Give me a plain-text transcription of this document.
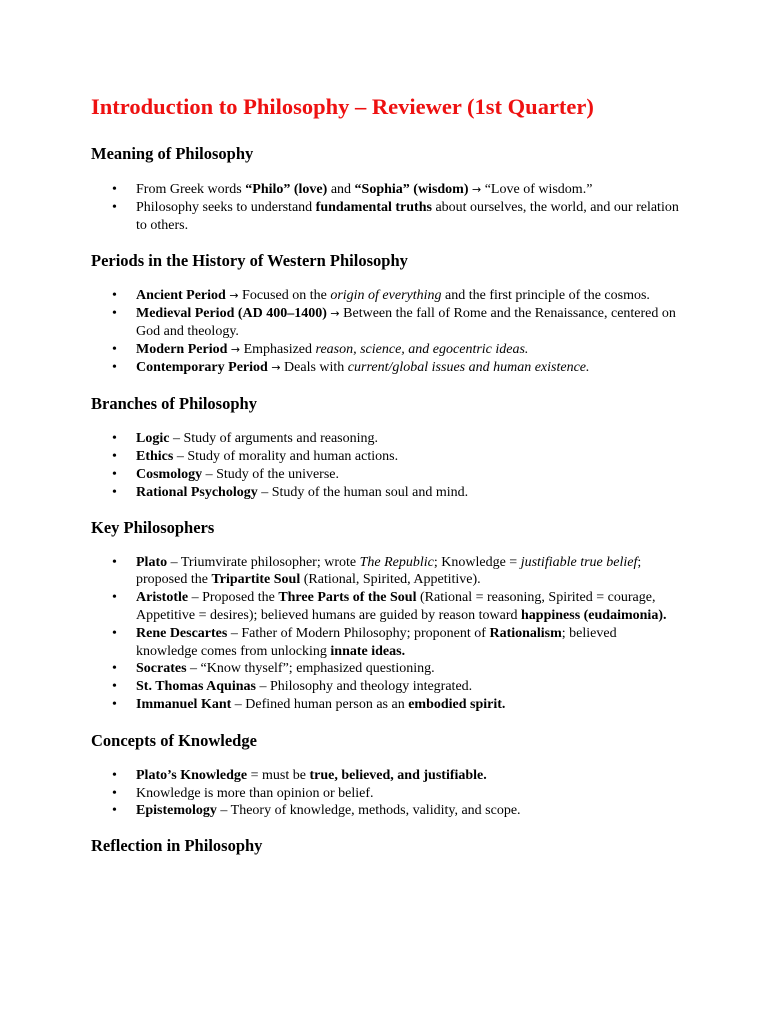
Introduction to Philosophy – Reviewer (1st Quarter)
Meaning of Philosophy
• From Greek words “Philo” (love) and “Sophia” (wisdom) → “Love of wisdom.”
• Philosophy seeks to understand fundamental truths about ourselves, the world, and our relation to others.
Periods in the History of Western Philosophy
• Ancient Period → Focused on the origin of everything and the first principle of the cosmos.
• Medieval Period (AD 400–1400) → Between the fall of Rome and the Renaissance, centered on God and theology.
• Modern Period → Emphasized reason, science, and egocentric ideas.
• Contemporary Period → Deals with current/global issues and human existence.
Branches of Philosophy
• Logic – Study of arguments and reasoning.
• Ethics – Study of morality and human actions.
• Cosmology – Study of the universe.
• Rational Psychology – Study of the human soul and mind.
Key Philosophers
• Plato – Triumvirate philosopher; wrote The Republic; Knowledge = justifiable true belief; proposed the Tripartite Soul (Rational, Spirited, Appetitive).
• Aristotle – Proposed the Three Parts of the Soul (Rational = reasoning, Spirited = courage, Appetitive = desires); believed humans are guided by reason toward happiness (eudaimonia).
• Rene Descartes – Father of Modern Philosophy; proponent of Rationalism; believed knowledge comes from unlocking innate ideas.
• Socrates – “Know thyself”; emphasized questioning.
• St. Thomas Aquinas – Philosophy and theology integrated.
• Immanuel Kant – Defined human person as an embodied spirit.
Concepts of Knowledge
• Plato’s Knowledge = must be true, believed, and justifiable.
• Knowledge is more than opinion or belief.
• Epistemology – Theory of knowledge, methods, validity, and scope.
Reflection in Philosophy
